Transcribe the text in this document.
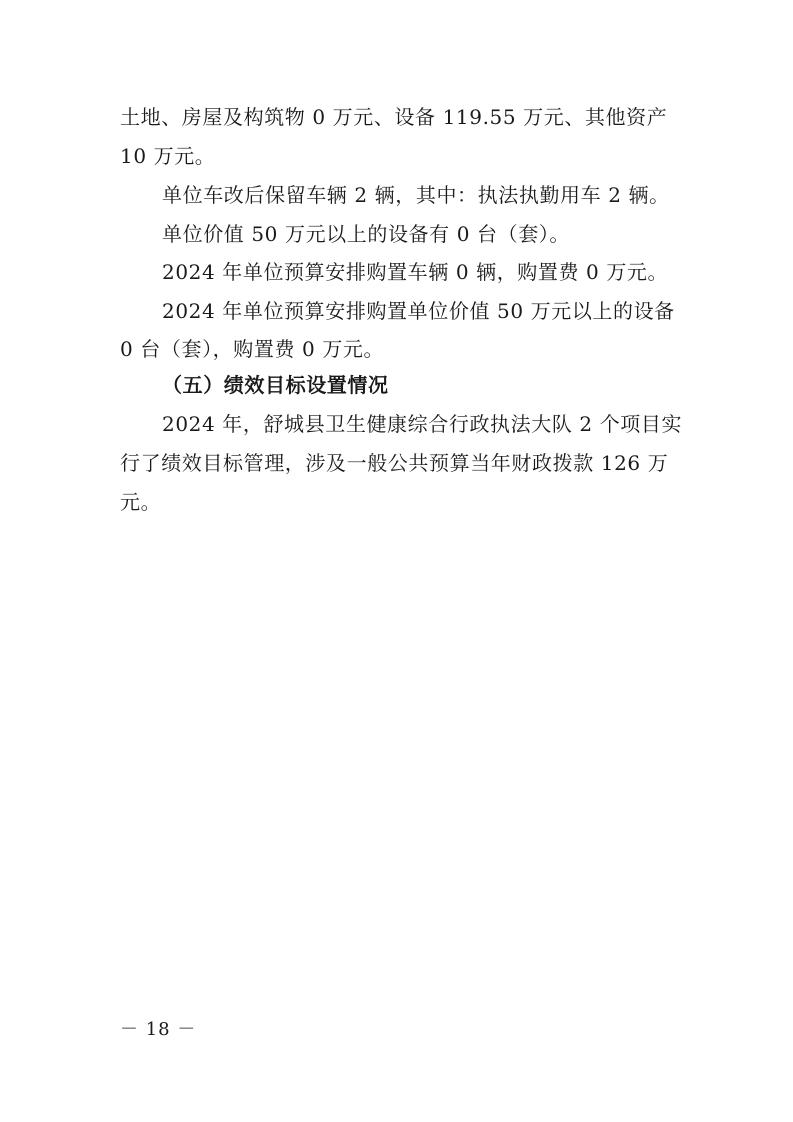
土地、房屋及构筑物 0 万元、设备 119.55 万元、其他资产
10 万元。
单位车改后保留车辆 2 辆，其中：执法执勤用车 2 辆。
单位价值 50 万元以上的设备有 0 台（套）。
2024 年单位预算安排购置车辆 0 辆，购置费 0 万元。
2024 年单位预算安排购置单位价值 50 万元以上的设备
0 台（套），购置费 0 万元。
（五）绩效目标设置情况
2024 年，舒城县卫生健康综合行政执法大队 2 个项目实
行了绩效目标管理，涉及一般公共预算当年财政拨款 126 万
元。
－ 18 －
